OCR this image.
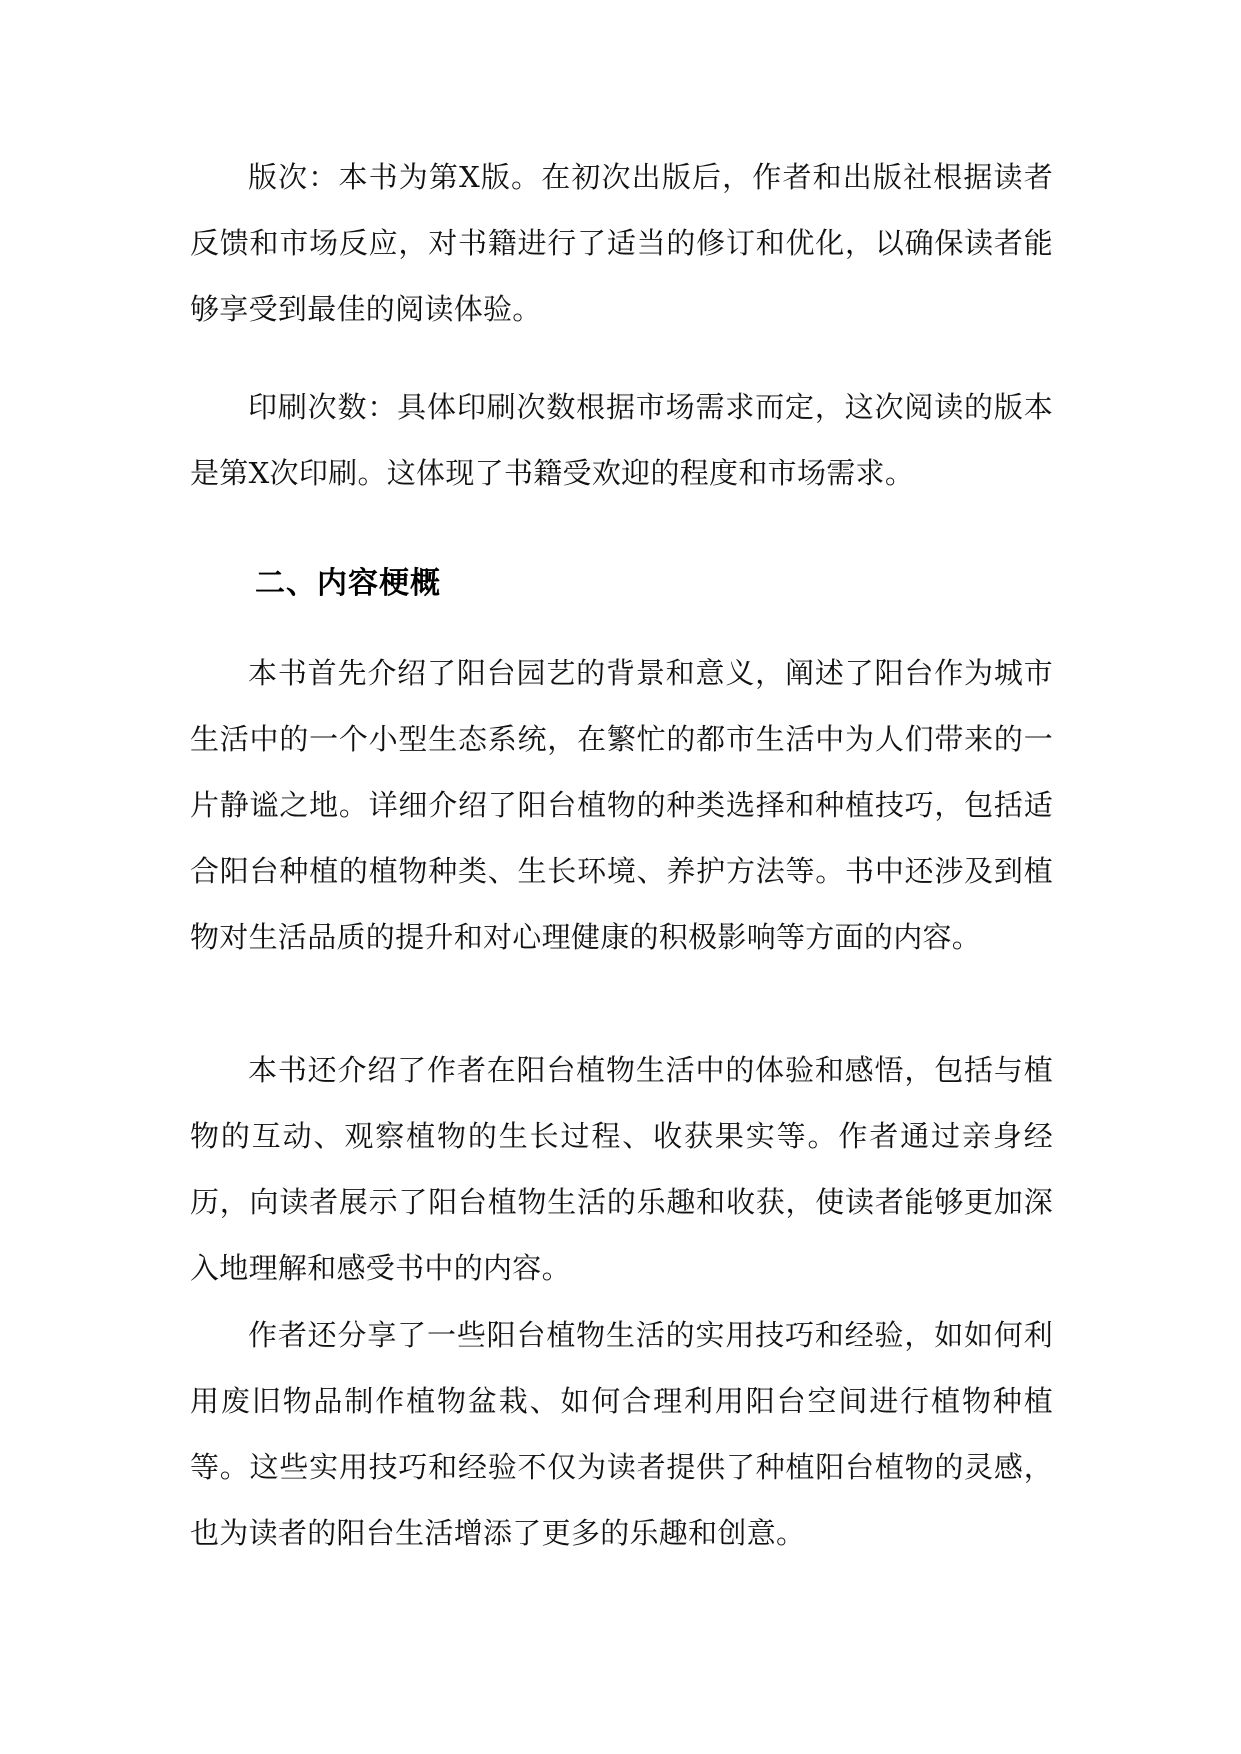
版次：本书为第X版。在初次出版后，作者和出版社根据读者反馈和市场反应，对书籍进行了适当的修订和优化，以确保读者能够享受到最佳的阅读体验。

印刷次数：具体印刷次数根据市场需求而定，这次阅读的版本是第X次印刷。这体现了书籍受欢迎的程度和市场需求。

二、内容梗概

本书首先介绍了阳台园艺的背景和意义，阐述了阳台作为城市生活中的一个小型生态系统，在繁忙的都市生活中为人们带来的一片静谧之地。详细介绍了阳台植物的种类选择和种植技巧，包括适合阳台种植的植物种类、生长环境、养护方法等。书中还涉及到植物对生活品质的提升和对心理健康的积极影响等方面的内容。

本书还介绍了作者在阳台植物生活中的体验和感悟，包括与植物的互动、观察植物的生长过程、收获果实等。作者通过亲身经历，向读者展示了阳台植物生活的乐趣和收获，使读者能够更加深入地理解和感受书中的内容。

作者还分享了一些阳台植物生活的实用技巧和经验，如如何利用废旧物品制作植物盆栽、如何合理利用阳台空间进行植物种植等。这些实用技巧和经验不仅为读者提供了种植阳台植物的灵感，也为读者的阳台生活增添了更多的乐趣和创意。
